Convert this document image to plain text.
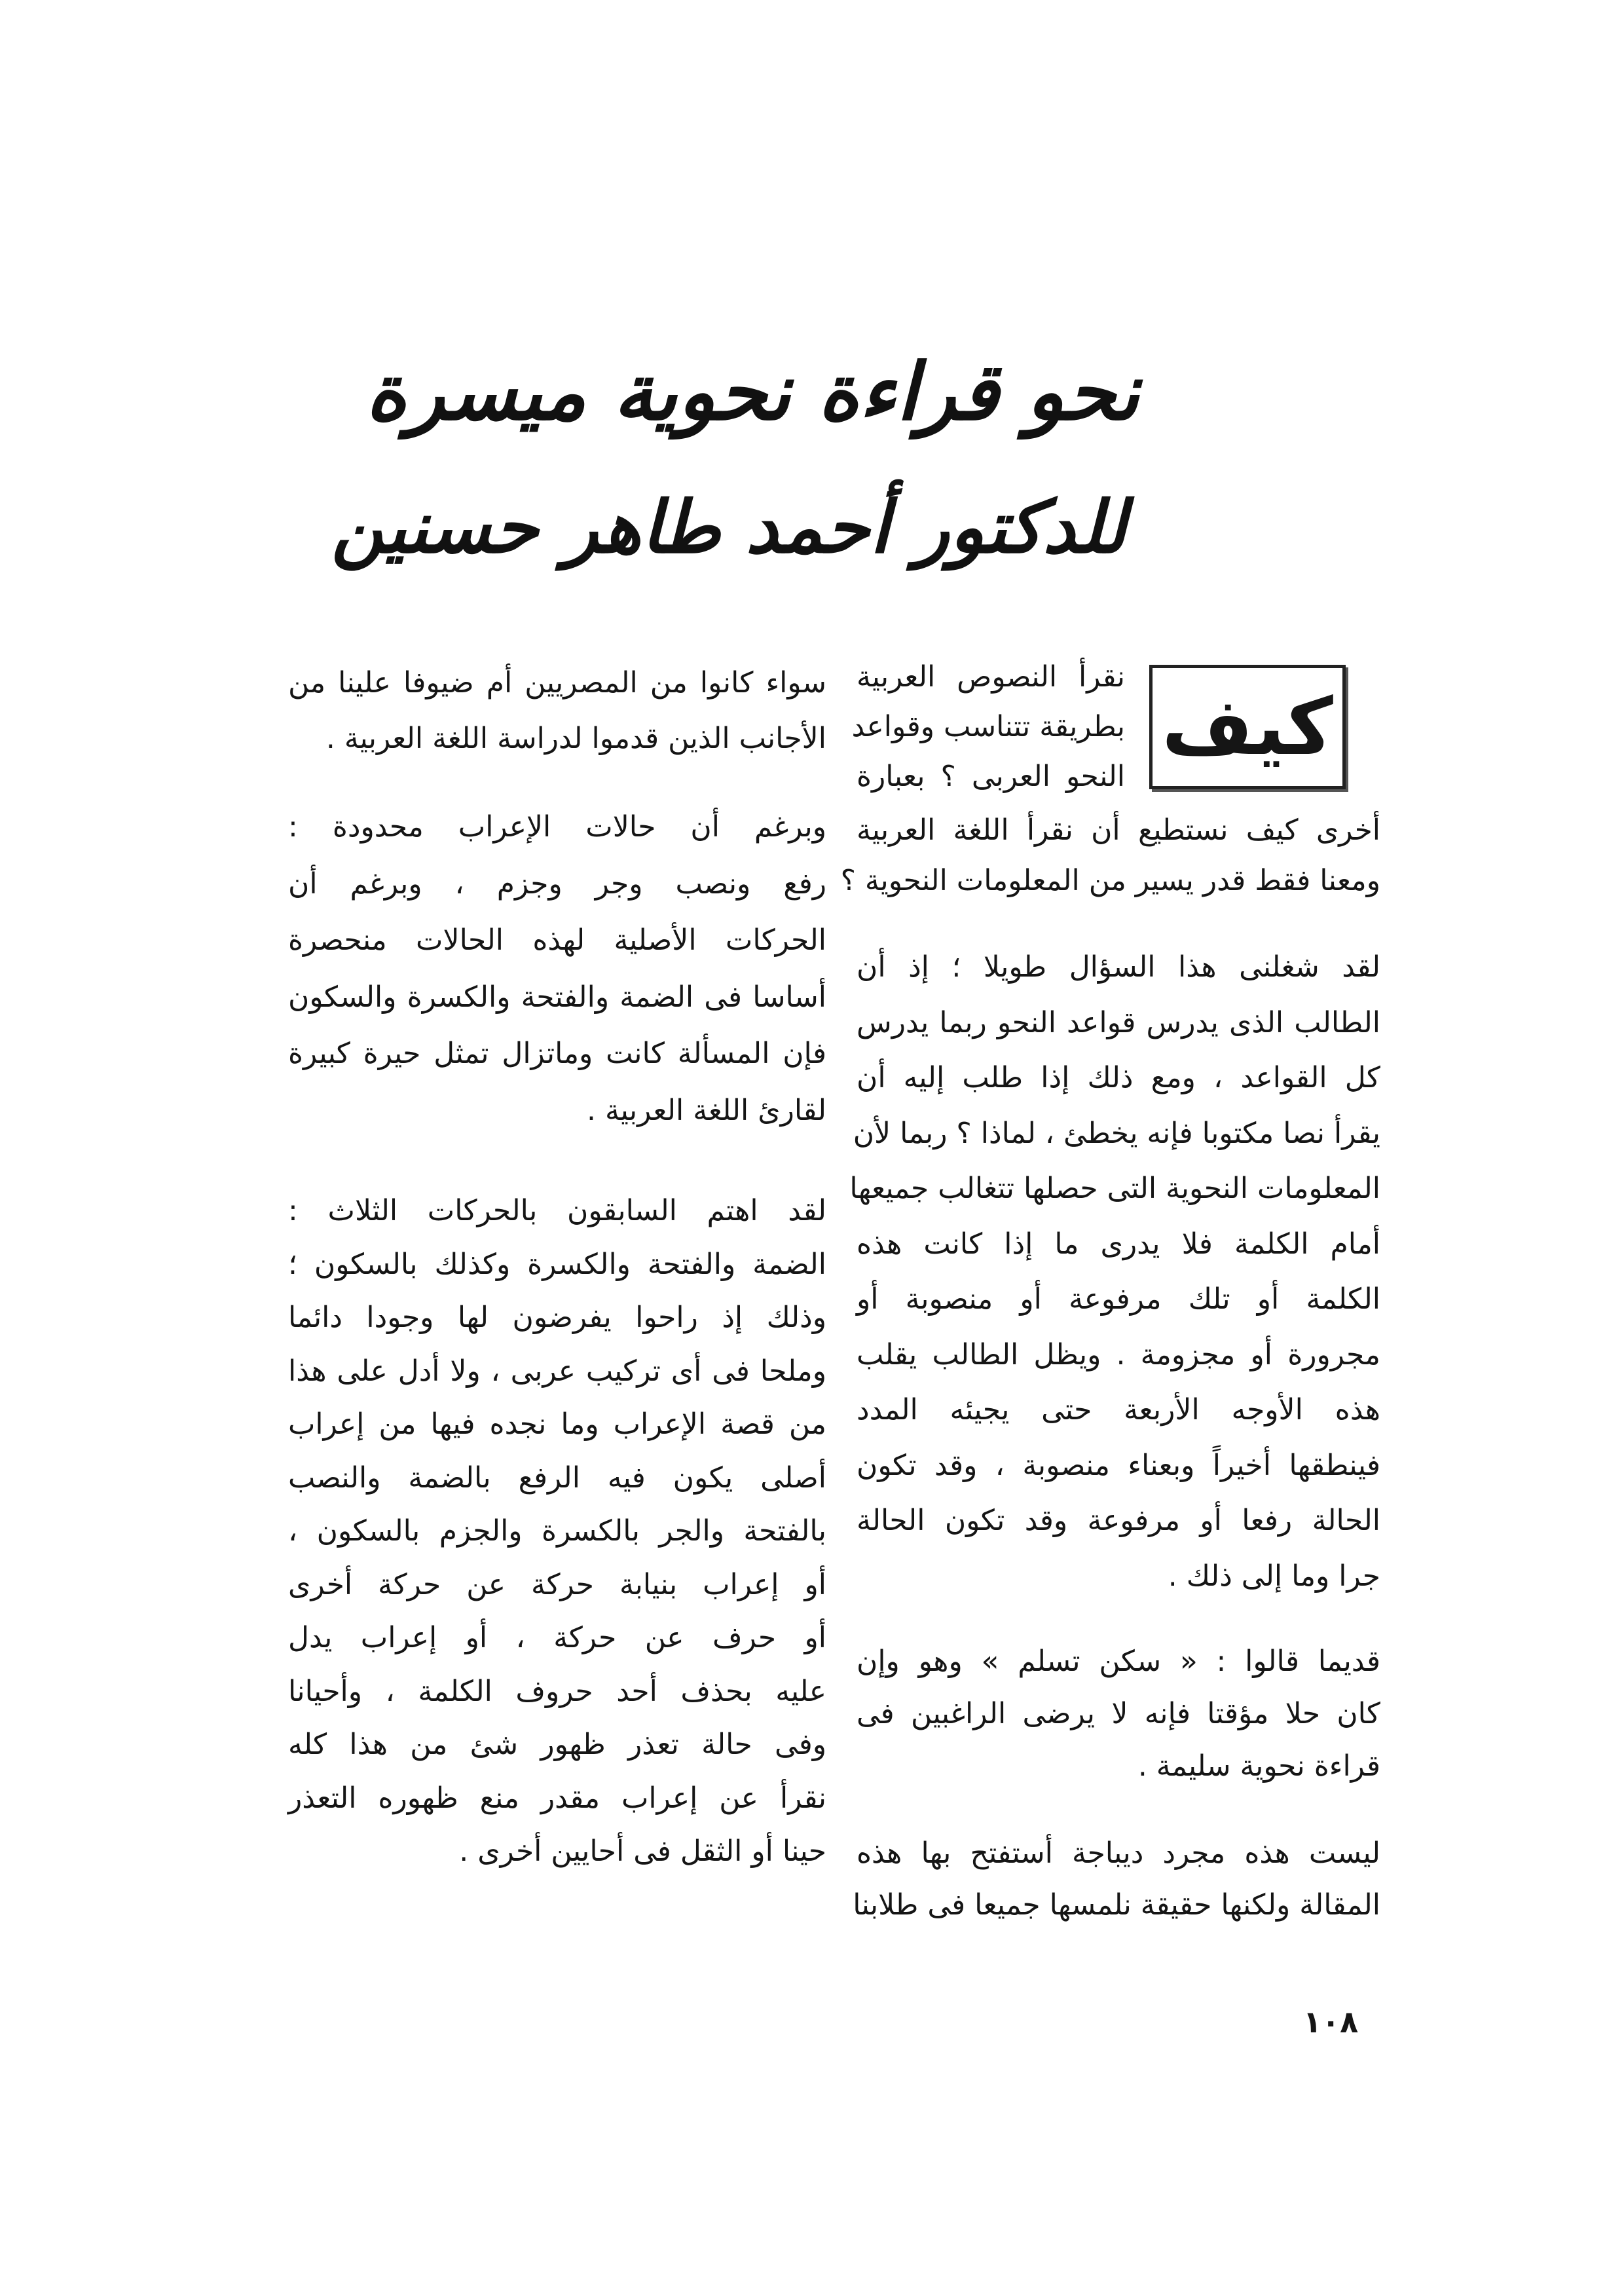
نحو قراءة نحوية ميسرة
للدكتور أحمد طاهر حسنين
كيف
نقرأ النصوص العربية
بطريقة تتناسب وقواعد
النحو العربى ؟ بعبارة
أخرى كيف نستطيع أن نقرأ اللغة العربية
ومعنا فقط قدر يسير من المعلومات النحوية ؟
لقد شغلنى هذا السؤال طويلا ؛ إذ أن
الطالب الذى يدرس قواعد النحو ربما يدرس
كل القواعد ، ومع ذلك إذا طلب إليه أن
يقرأ نصا مكتوبا فإنه يخطئ ، لماذا ؟ ربما لأن
المعلومات النحوية التى حصلها تتغالب جميعها
أمام الكلمة فلا يدرى ما إذا كانت هذه
الكلمة أو تلك مرفوعة أو منصوبة أو
مجرورة أو مجزومة . ويظل الطالب يقلب
هذه الأوجه الأربعة حتى يجيئه المدد
فينطقها أخيراً وبعناء منصوبة ، وقد تكون
الحالة رفعا أو مرفوعة وقد تكون الحالة
جرا وما إلى ذلك .
قديما قالوا : « سكن تسلم » وهو وإن
كان حلا مؤقتا فإنه لا يرضى الراغبين فى
قراءة نحوية سليمة .
ليست هذه مجرد ديباجة أستفتح بها هذه
المقالة ولكنها حقيقة نلمسها جميعا فى طلابنا
سواء كانوا من المصريين أم ضيوفا علينا من
الأجانب الذين قدموا لدراسة اللغة العربية .
وبرغم أن حالات الإعراب محدودة :
رفع ونصب وجر وجزم ، وبرغم أن
الحركات الأصلية لهذه الحالات منحصرة
أساسا فى الضمة والفتحة والكسرة والسكون
فإن المسألة كانت وماتزال تمثل حيرة كبيرة
لقارئ اللغة العربية .
لقد اهتم السابقون بالحركات الثلاث :
الضمة والفتحة والكسرة وكذلك بالسكون ؛
وذلك إذ راحوا يفرضون لها وجودا دائما
وملحا فى أى تركيب عربى ، ولا أدل على هذا
من قصة الإعراب وما نجده فيها من إعراب
أصلى يكون فيه الرفع بالضمة والنصب
بالفتحة والجر بالكسرة والجزم بالسكون ،
أو إعراب بنيابة حركة عن حركة أخرى
أو حرف عن حركة ، أو إعراب يدل
عليه بحذف أحد حروف الكلمة ، وأحيانا
وفى حالة تعذر ظهور شئ من هذا كله
نقرأ عن إعراب مقدر منع ظهوره التعذر
حينا أو الثقل فى أحايين أخرى .
١٠٨
